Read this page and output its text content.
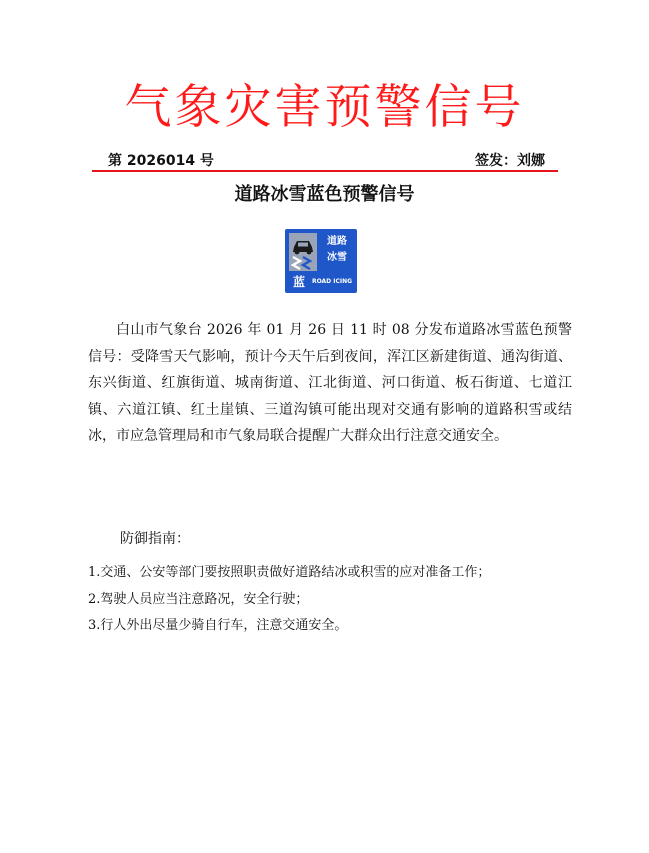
气象灾害预警信号
第 2026014 号	签发：刘娜
道路冰雪蓝色预警信号
道路
冰雪
蓝	ROAD ICING
白山市气象台 2026 年 01 月 26 日 11 时 08 分发布道路冰雪蓝色预警信号：受降雪天气影响，预计今天午后到夜间，浑江区新建街道、通沟街道、东兴街道、红旗街道、城南街道、江北街道、河口街道、板石街道、七道江镇、六道江镇、红土崖镇、三道沟镇可能出现对交通有影响的道路积雪或结冰，市应急管理局和市气象局联合提醒广大群众出行注意交通安全。
防御指南：
1.交通、公安等部门要按照职责做好道路结冰或积雪的应对准备工作；
2.驾驶人员应当注意路况，安全行驶；
3.行人外出尽量少骑自行车，注意交通安全。
